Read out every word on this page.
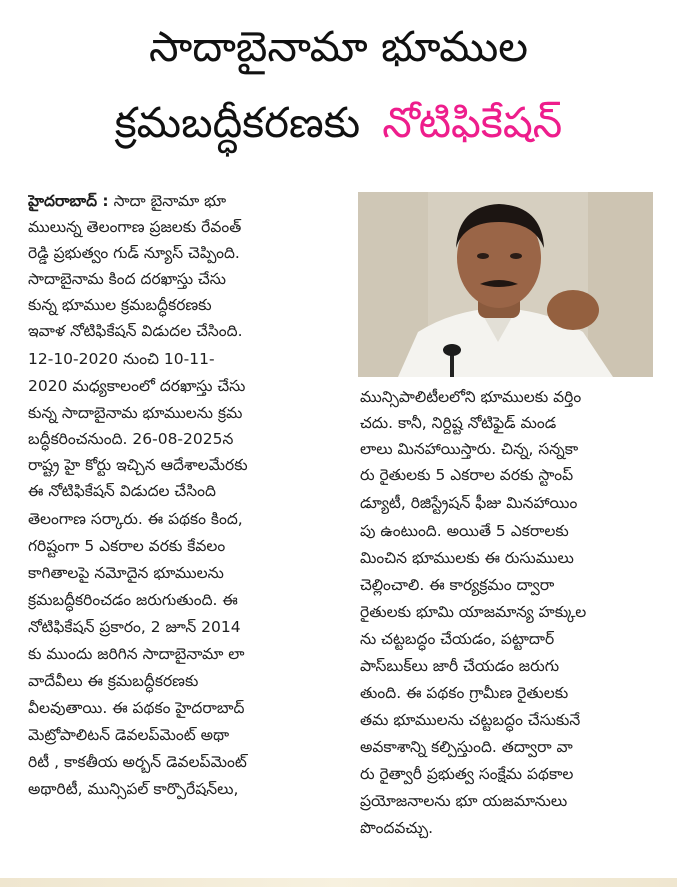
సాదాబైనామా భూముల
క్రమబద్ధీకరణకు నోటిఫికేషన్
హైదరాబాద్ : సాదా బైనామా భూ
ములున్న తెలంగాణ ప్రజలకు రేవంత్
రెడ్డి ప్రభుత్వం గుడ్ న్యూస్ చెప్పింది.
సాదాబైనామ కింద దరఖాస్తు చేసు
కున్న భూముల క్రమబద్ధీకరణకు
ఇవాళ నోటిఫికేషన్ విడుదల చేసింది.
12-10-2020 నుంచి 10-11-
2020 మధ్యకాలంలో దరఖాస్తు చేసు
కున్న సాదాబైనామ భూములను క్రమ
బద్ధీకరించనుంది. 26-08-2025న
రాష్ట్ర హై కోర్టు ఇచ్చిన ఆదేశాలమేరకు
ఈ నోటిఫికేషన్ విడుదల చేసింది
తెలంగాణ సర్కారు. ఈ పథకం కింద,
గరిష్టంగా 5 ఎకరాల వరకు కేవలం
కాగితాలపై నమోదైన భూములను
క్రమబద్ధీకరించడం జరుగుతుంది. ఈ
నోటిఫికేషన్ ప్రకారం, 2 జూన్ 2014
కు ముందు జరిగిన సాదాబైనామా లా
వాదేవీలు ఈ క్రమబద్ధీకరణకు
వీలవుతాయి. ఈ పథకం హైదరాబాద్
మెట్రోపాలిటన్ డెవలప్‌మెంట్ అథా
రిటీ , కాకతీయ అర్బన్ డెవలప్‌మెంట్
అథారిటీ, మున్సిపల్ కార్పొరేషన్‌లు,
మున్సిపాలిటీలలోని భూములకు వర్తిం
చదు. కానీ, నిర్దిష్ట నోటిఫైడ్ మండ
లాలు మినహాయిస్తారు. చిన్న, సన్నకా
రు రైతులకు 5 ఎకరాల వరకు స్టాంప్
డ్యూటీ, రిజిస్ట్రేషన్ ఫీజు మినహాయిం
పు ఉంటుంది. అయితే 5 ఎకరాలకు
మించిన భూములకు ఈ రుసుములు
చెల్లించాలి. ఈ కార్యక్రమం ద్వారా
రైతులకు భూమి యాజమాన్య హక్కుల
ను చట్టబద్ధం చేయడం, పట్టాదార్
పాస్‌బుక్‌లు జారీ చేయడం జరుగు
తుంది. ఈ పథకం గ్రామీణ రైతులకు
తమ భూములను చట్టబద్ధం చేసుకునే
అవకాశాన్ని కల్పిస్తుంది. తద్వారా వా
రు రైత్వారీ ప్రభుత్వ సంక్షేమ పథకాల
ప్రయోజనాలను భూ యజమానులు
పొందవచ్చు.
